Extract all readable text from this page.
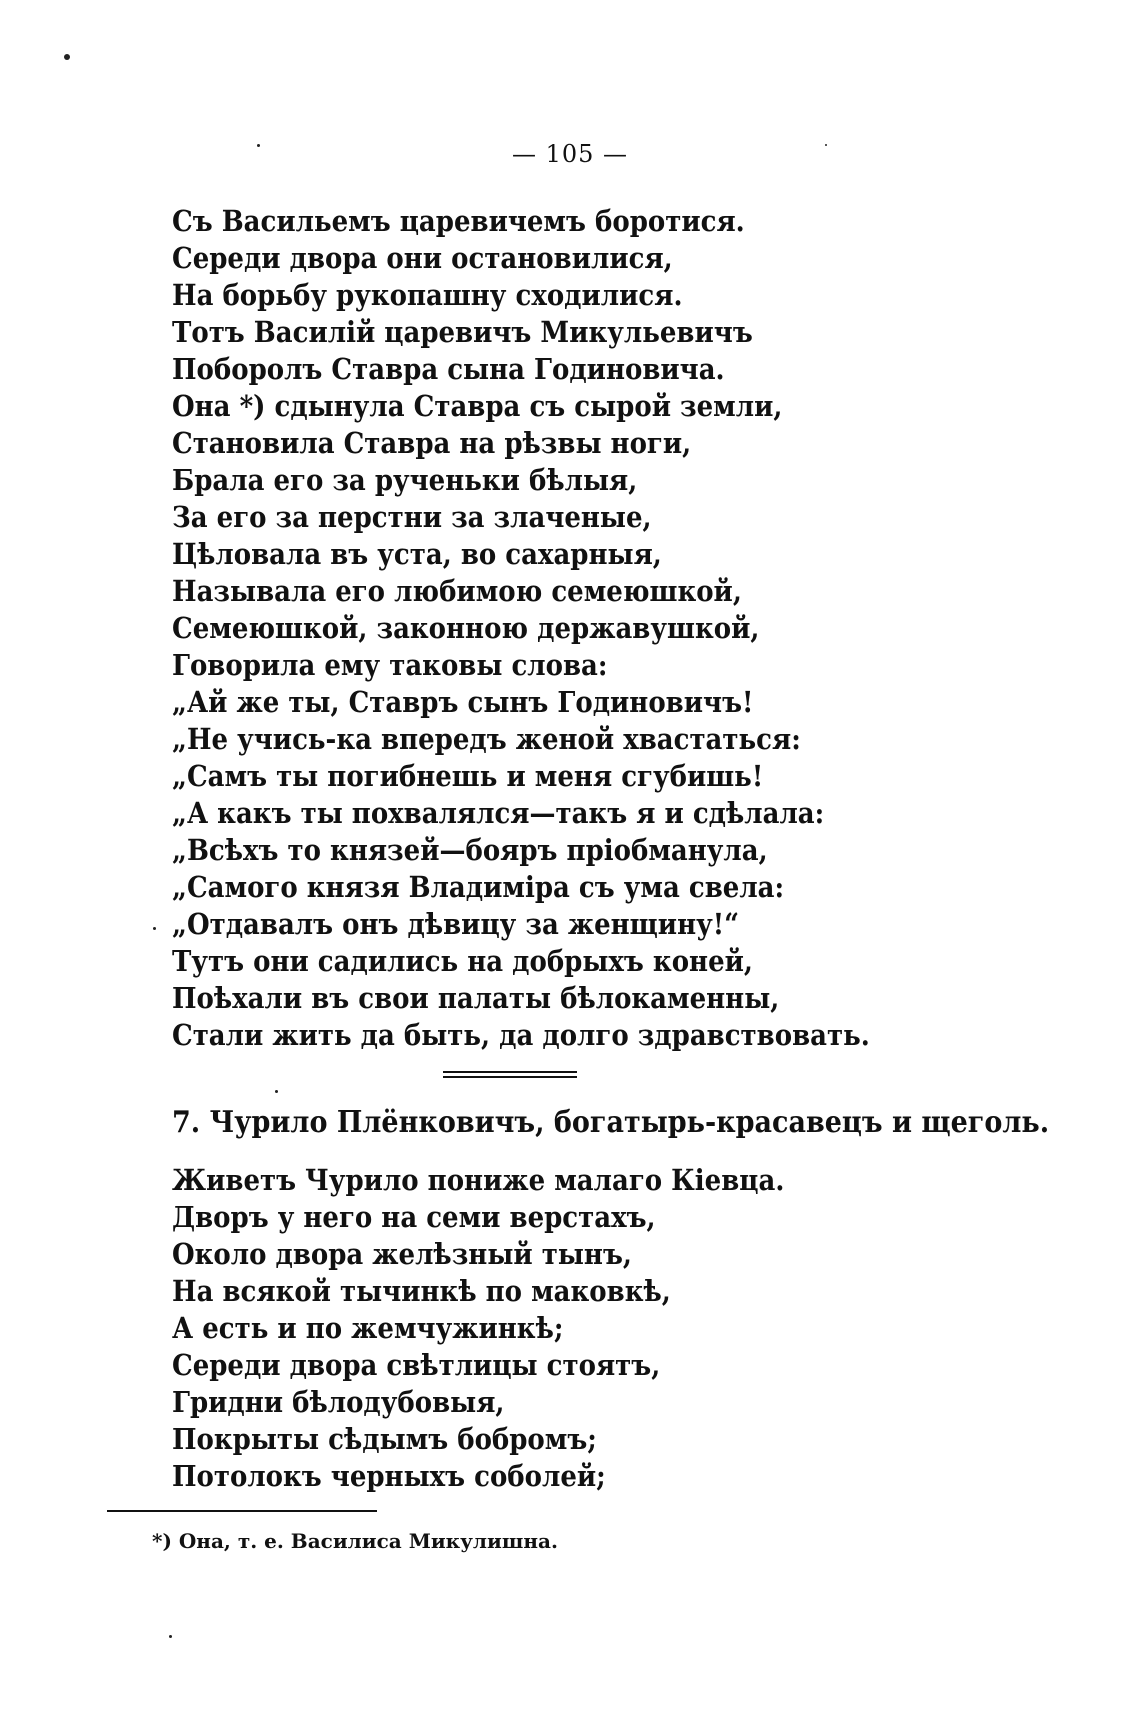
— 105 —
Съ Васильемъ царевичемъ боротися.
Середи двора они остановилися,
На борьбу рукопашну сходилися.
Тотъ Василій царевичъ Микульевичъ
Поборолъ Ставра сына Годиновича.
Она *) сдынула Ставра съ сырой земли,
Становила Ставра на рѣзвы ноги,
Брала его за рученьки бѣлыя,
За его за перстни за злаченые,
Цѣловала въ уста, во сахарныя,
Называла его любимою семеюшкой,
Семеюшкой, законною державушкой,
Говорила ему таковы слова:
„Ай же ты, Ставръ сынъ Годиновичъ!
„Не учись-ка впередъ женой хвастаться:
„Самъ ты погибнешь и меня сгубишь!
„А какъ ты похвалялся—такъ я и сдѣлала:
„Всѣхъ то князей—бояръ пріобманула,
„Самого князя Владиміра съ ума свела:
„Отдавалъ онъ дѣвицу за женщину!“
Тутъ они садились на добрыхъ коней,
Поѣхали въ свои палаты бѣлокаменны,
Стали жить да быть, да долго здравствовать.
7. Чурило Плёнковичъ, богатырь-красавецъ и щеголь.
Живетъ Чурило пониже малаго Кіевца.
Дворъ у него на семи верстахъ,
Около двора желѣзный тынъ,
На всякой тычинкѣ по маковкѣ,
А есть и по жемчужинкѣ;
Середи двора свѣтлицы стоятъ,
Гридни бѣлодубовыя,
Покрыты сѣдымъ бобромъ;
Потолокъ черныхъ соболей;

*) Она, т. е. Василиса Микулишна.
